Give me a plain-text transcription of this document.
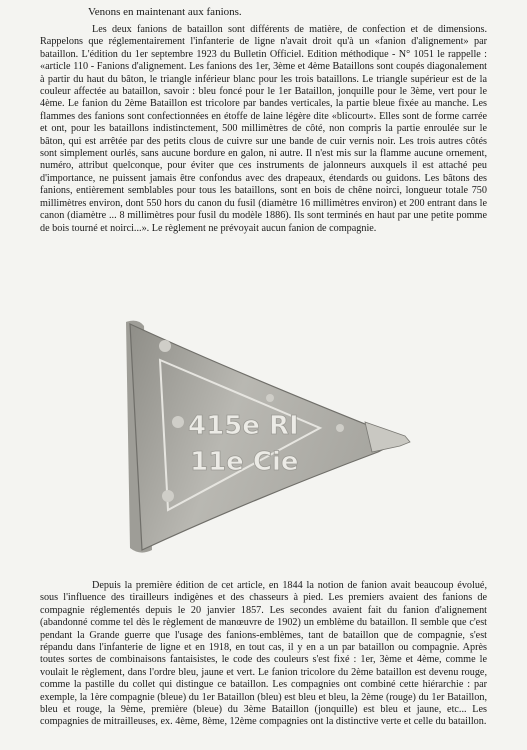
Venons en maintenant aux fanions.

Les deux fanions de bataillon sont différents de matière, de confection et de dimensions. Rappelons que réglementairement l'infanterie de ligne n'avait droit qu'à un «fanion d'alignement» par bataillon. L'édition du 1er septembre 1923 du Bulletin Officiel. Edition méthodique - N° 1051 le rappelle : «article 110 - Fanions d'alignement. Les fanions des 1er, 3ème et 4ème Bataillons sont coupés diagonalement à partir du haut du bâton, le triangle inférieur blanc pour les trois bataillons. Le triangle supérieur est de la couleur affectée au bataillon, savoir : bleu foncé pour le 1er Bataillon, jonquille pour le 3ème, vert pour le 4ème. Le fanion du 2ème Bataillon est tricolore par bandes verticales, la partie bleue fixée au manche. Les flammes des fanions sont confectionnées en étoffe de laine légère dite «blicourt». Elles sont de forme carrée et ont, pour les bataillons indistinctement, 500 millimètres de côté, non compris la partie enroulée sur le bâton, qui est arrêtée par des petits clous de cuivre sur une bande de cuir vernis noir. Les trois autres côtés sont simplement ourlés, sans aucune bordure en galon, ni autre. Il n'est mis sur la flamme aucune ornement, numéro, attribut quelconque, pour éviter que ces instruments de jalonneurs auxquels il est attaché peu d'importance, ne puissent jamais être confondus avec des drapeaux, étendards ou guidons. Les bâtons des fanions, entièrement semblables pour tous les bataillons, sont en bois de chêne noirci, longueur totale 750 millimètres environ, dont 550 hors du canon du fusil (diamètre 16 millimètres environ) et 200 entrant dans le canon (diamètre ... 8 millimètres pour fusil du modèle 1886). Ils sont terminés en haut par une petite pomme de bois tourné et noirci...». Le règlement ne prévoyait aucun fanion de compagnie.

415e RI
11e Cie

Depuis la première édition de cet article, en 1844 la notion de fanion avait beaucoup évolué, sous l'influence des tirailleurs indigènes et des chasseurs à pied. Les premiers avaient des fanions de compagnie réglementés depuis le 20 janvier 1857. Les secondes avaient fait du fanion d'alignement (abandonné comme tel dès le règlement de manœuvre de 1902) un emblème du bataillon. Il semble que c'est pendant la Grande guerre que l'usage des fanions-emblèmes, tant de bataillon que de compagnie, s'est répandu dans l'infanterie de ligne et en 1918, en tout cas, il y en a un par bataillon ou compagnie. Après toutes sortes de combinaisons fantaisistes, le code des couleurs s'est fixé : 1er, 3ème et 4ème, comme le voulait le règlement, dans l'ordre bleu, jaune et vert. Le fanion tricolore du 2ème bataillon est devenu rouge, comme la pastille du collet qui distingue ce bataillon. Les compagnies ont combiné cette hiérarchie : par exemple, la 1ère compagnie (bleue) du 1er Bataillon (bleu) est bleu et bleu, la 2ème (rouge) du 1er Bataillon, bleu et rouge, la 9ème, première (bleue) du 3ème Bataillon (jonquille) est bleu et jaune, etc... Les compagnies de mitrailleuses, ex. 4ème, 8ème, 12ème compagnies ont la distinctive verte et celle du bataillon.
